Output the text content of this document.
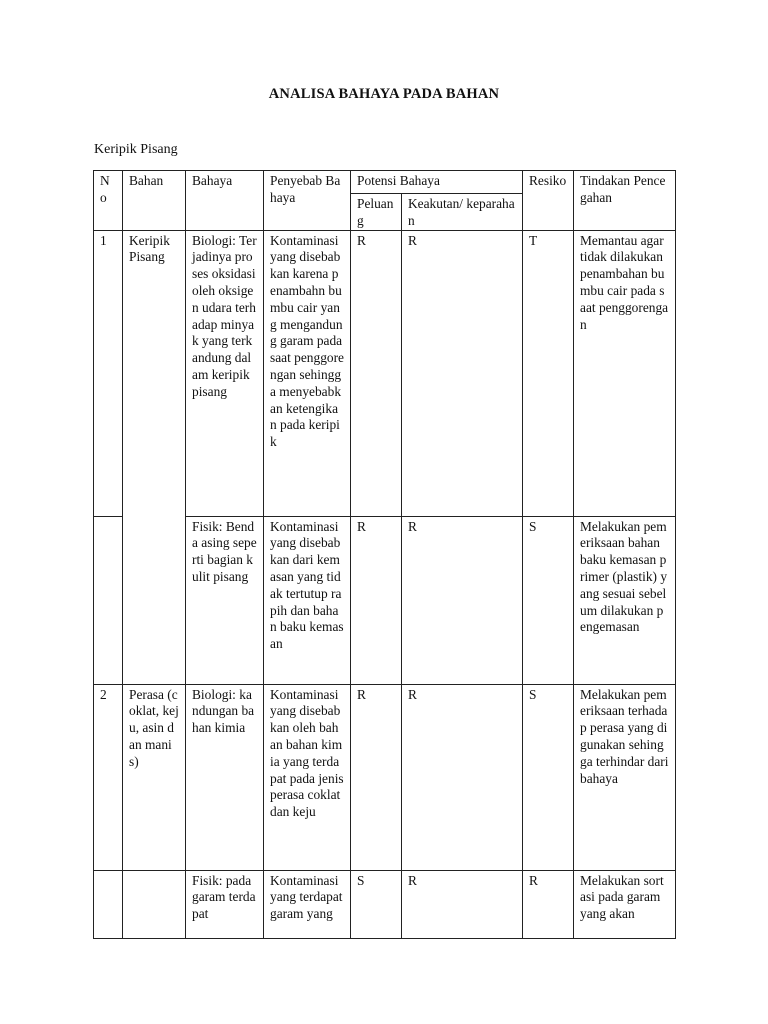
ANALISA BAHAYA PADA BAHAN
Keripik Pisang
No	Bahan	Bahaya	Penyebab Bahaya	Potensi Bahaya		Resiko	Tindakan Pencegahan
				Peluang	Keakutan/ keparahan		
1	Keripik Pisang	Biologi: Terjadinya proses oksidasi oleh oksigen udara terhadap minyak yang terkandung dalam keripik pisang	Kontaminasi yang disebabkan karena penambahn bumbu cair yang mengandung garam pada saat penggorengan sehingga menyebabkan ketengikan pada keripik	R	R	T	Memantau agar tidak dilakukan penambahan bumbu cair pada saat penggorengan
		Fisik: Benda asing seperti bagian kulit pisang	Kontaminasi yang disebabkan dari kemasan yang tidak tertutup rapih dan bahan baku kemasan	R	R	S	Melakukan pemeriksaan bahan baku kemasan primer (plastik) yang sesuai sebelum dilakukan pengemasan
2	Perasa (coklat, keju, asin dan manis)	Biologi: kandungan bahan kimia	Kontaminasi yang disebabkan oleh bahan bahan kimia yang terdapat pada jenis perasa coklat dan keju	R	R	S	Melakukan pemeriksaan terhadap perasa yang digunakan sehingga terhindar dari bahaya
		Fisik: pada garam terdapat	Kontaminasi yang terdapat garam yang	S	R	R	Melakukan sortasi pada garam yang akan
